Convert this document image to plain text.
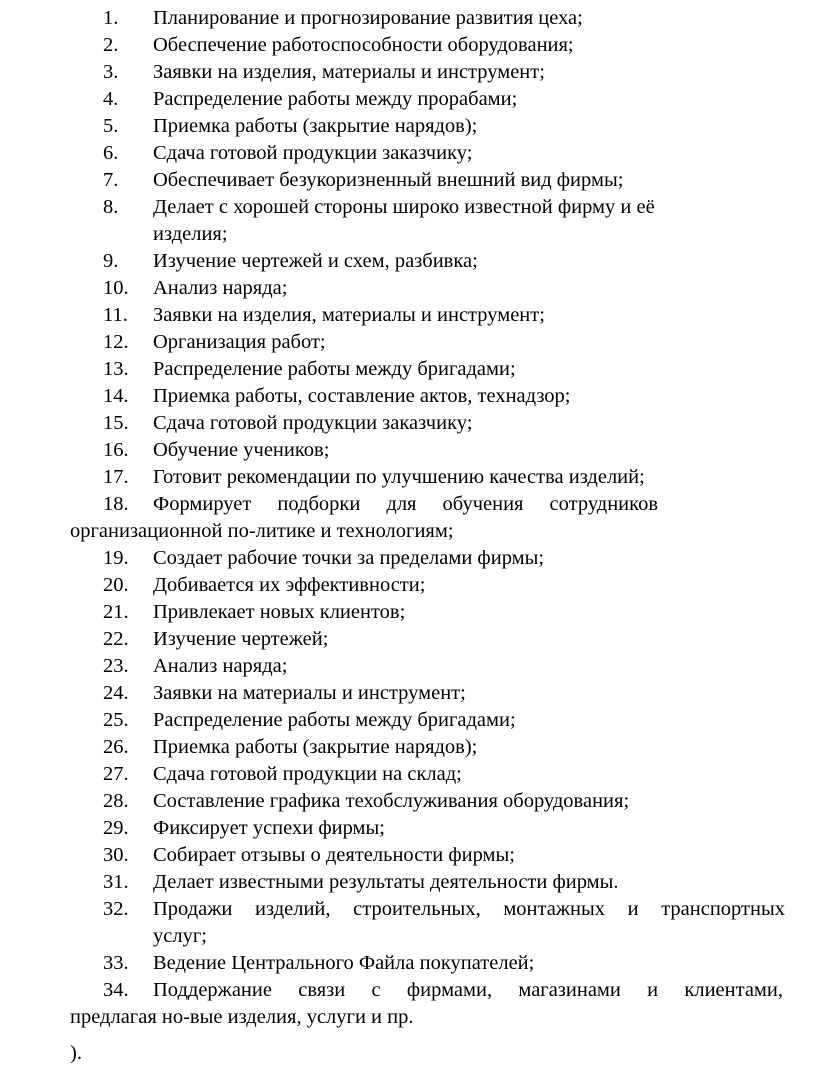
1.	Планирование и прогнозирование развития цеха;
2.	Обеспечение работоспособности оборудования;
3.	Заявки на изделия, материалы и инструмент;
4.	Распределение работы между прорабами;
5.	Приемка работы (закрытие нарядов);
6.	Сдача готовой продукции заказчику;
7.	Обеспечивает безукоризненный внешний вид фирмы;
8.	Делает с хорошей стороны широко известной фирму и её
изделия;
9.	Изучение чертежей и схем, разбивка;
10.	Анализ наряда;
11.	Заявки на изделия, материалы и инструмент;
12.	Организация работ;
13.	Распределение работы между бригадами;
14.	Приемка работы, составление актов, технадзор;
15.	Сдача готовой продукции заказчику;
16.	Обучение учеников;
17.	Готовит рекомендации по улучшению качества изделий;
18.	Формирует подборки для обучения сотрудников
организационной по-литике и технологиям;
19.	Создает рабочие точки за пределами фирмы;
20.	Добивается их эффективности;
21.	Привлекает новых клиентов;
22.	Изучение чертежей;
23.	Анализ наряда;
24.	Заявки на материалы и инструмент;
25.	Распределение работы между бригадами;
26.	Приемка работы (закрытие нарядов);
27.	Сдача готовой продукции на склад;
28.	Составление графика техобслуживания оборудования;
29.	Фиксирует успехи фирмы;
30.	Собирает отзывы о деятельности фирмы;
31.	Делает известными результаты деятельности фирмы.
32.	Продажи изделий, строительных, монтажных и транспортных
услуг;
33.	Ведение Центрального Файла покупателей;
34.	Поддержание связи с фирмами, магазинами и клиентами,
предлагая но-вые изделия, услуги и пр.
).
